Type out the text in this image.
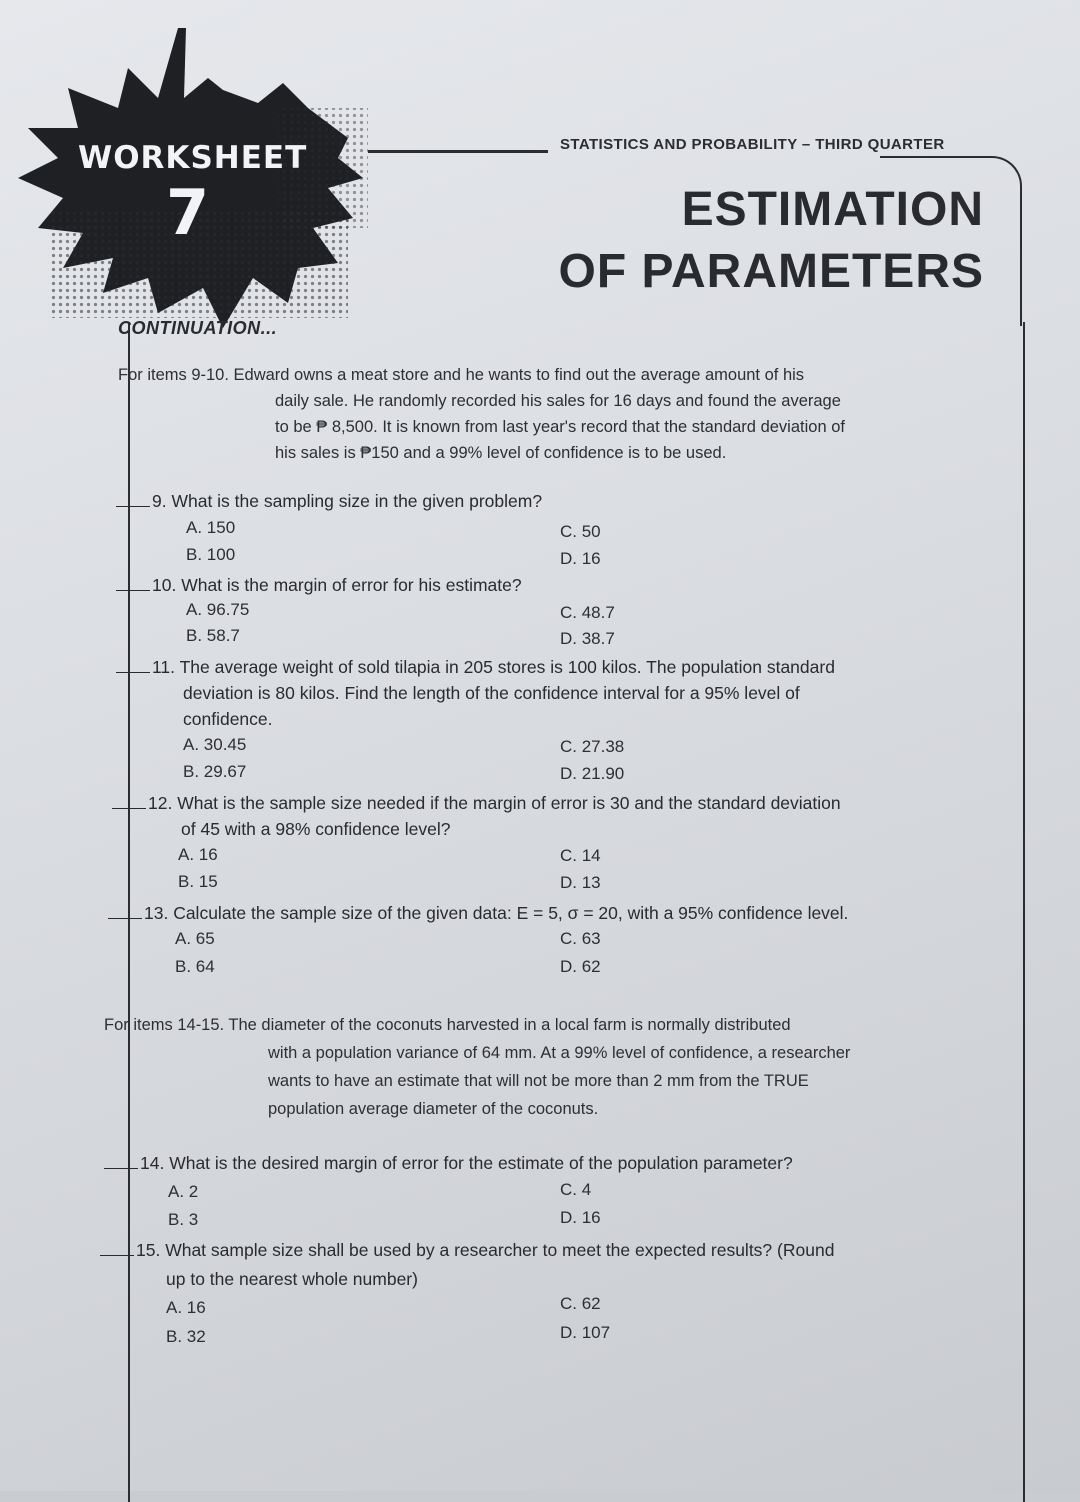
WORKSHEET
7
STATISTICS AND PROBABILITY – THIRD QUARTER
ESTIMATION
OF PARAMETERS
CONTINUATION...
For items 9-10. Edward owns a meat store and he wants to find out the average amount of his
daily sale. He randomly recorded his sales for 16 days and found the average
to be ₱ 8,500. It is known from last year's record that the standard deviation of
his sales is ₱150 and a 99% level of confidence is to be used.
9. What is the sampling size in the given problem?
A. 150
B. 100
C. 50
D. 16
10. What is the margin of error for his estimate?
A. 96.75
B. 58.7
C. 48.7
D. 38.7
11. The average weight of sold tilapia in 205 stores is 100 kilos. The population standard
deviation is 80 kilos. Find the length of the confidence interval for a 95% level of
confidence.
A. 30.45
B. 29.67
C. 27.38
D. 21.90
12. What is the sample size needed if the margin of error is 30 and the standard deviation
of 45 with a 98% confidence level?
A. 16
B. 15
C. 14
D. 13
13. Calculate the sample size of the given data: E = 5, σ = 20, with a 95% confidence level.
A. 65
B. 64
C. 63
D. 62
For items 14-15. The diameter of the coconuts harvested in a local farm is normally distributed
with a population variance of 64 mm. At a 99% level of confidence, a researcher
wants to have an estimate that will not be more than 2 mm from the TRUE
population average diameter of the coconuts.
14. What is the desired margin of error for the estimate of the population parameter?
A. 2
B. 3
C. 4
D. 16
15. What sample size shall be used by a researcher to meet the expected results? (Round
up to the nearest whole number)
A. 16
B. 32
C. 62
D. 107
